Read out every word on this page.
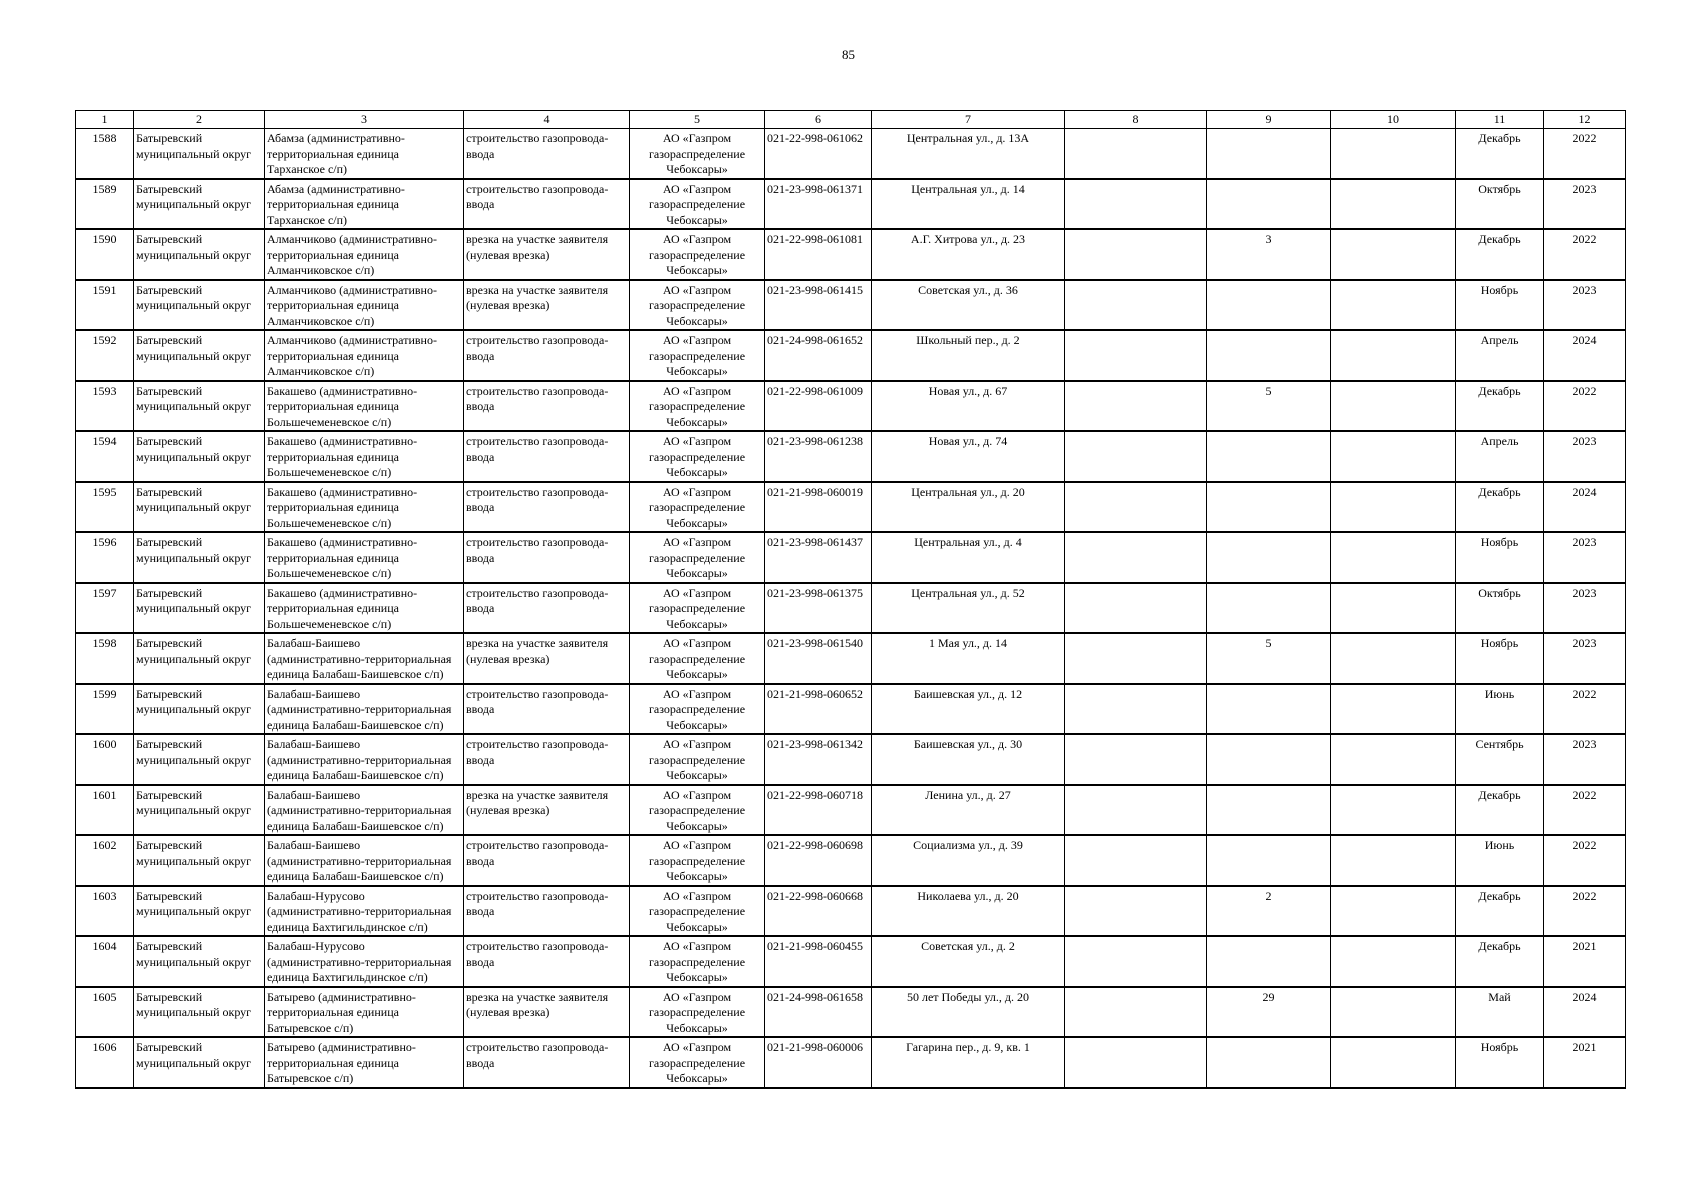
85
1	2	3	4	5	6	7	8	9	10	11	12
1588	Батыревский
муниципальный округ	Абамза (административно-
территориальная единица
Тарханское с/п)	строительство газопровода-
ввода	АО «Газпром
газораспределение
Чебоксары»	021-22-998-061062	Центральная ул., д. 13А				Декабрь	2022
1589	Батыревский
муниципальный округ	Абамза (административно-
территориальная единица
Тарханское с/п)	строительство газопровода-
ввода	АО «Газпром
газораспределение
Чебоксары»	021-23-998-061371	Центральная ул., д. 14				Октябрь	2023
1590	Батыревский
муниципальный округ	Алманчиково (административно-
территориальная единица
Алманчиковское с/п)	врезка на участке заявителя
(нулевая врезка)	АО «Газпром
газораспределение
Чебоксары»	021-22-998-061081	А.Г. Хитрова ул., д. 23		3		Декабрь	2022
1591	Батыревский
муниципальный округ	Алманчиково (административно-
территориальная единица
Алманчиковское с/п)	врезка на участке заявителя
(нулевая врезка)	АО «Газпром
газораспределение
Чебоксары»	021-23-998-061415	Советская ул., д. 36				Ноябрь	2023
1592	Батыревский
муниципальный округ	Алманчиково (административно-
территориальная единица
Алманчиковское с/п)	строительство газопровода-
ввода	АО «Газпром
газораспределение
Чебоксары»	021-24-998-061652	Школьный пер., д. 2				Апрель	2024
1593	Батыревский
муниципальный округ	Бакашево (административно-
территориальная единица
Большечеменевское с/п)	строительство газопровода-
ввода	АО «Газпром
газораспределение
Чебоксары»	021-22-998-061009	Новая ул., д. 67		5		Декабрь	2022
1594	Батыревский
муниципальный округ	Бакашево (административно-
территориальная единица
Большечеменевское с/п)	строительство газопровода-
ввода	АО «Газпром
газораспределение
Чебоксары»	021-23-998-061238	Новая ул., д. 74				Апрель	2023
1595	Батыревский
муниципальный округ	Бакашево (административно-
территориальная единица
Большечеменевское с/п)	строительство газопровода-
ввода	АО «Газпром
газораспределение
Чебоксары»	021-21-998-060019	Центральная ул., д. 20				Декабрь	2024
1596	Батыревский
муниципальный округ	Бакашево (административно-
территориальная единица
Большечеменевское с/п)	строительство газопровода-
ввода	АО «Газпром
газораспределение
Чебоксары»	021-23-998-061437	Центральная ул., д. 4				Ноябрь	2023
1597	Батыревский
муниципальный округ	Бакашево (административно-
территориальная единица
Большечеменевское с/п)	строительство газопровода-
ввода	АО «Газпром
газораспределение
Чебоксары»	021-23-998-061375	Центральная ул., д. 52				Октябрь	2023
1598	Батыревский
муниципальный округ	Балабаш-Баишево
(административно-территориальная
единица Балабаш-Баишевское с/п)	врезка на участке заявителя
(нулевая врезка)	АО «Газпром
газораспределение
Чебоксары»	021-23-998-061540	1 Мая ул., д. 14		5		Ноябрь	2023
1599	Батыревский
муниципальный округ	Балабаш-Баишево
(административно-территориальная
единица Балабаш-Баишевское с/п)	строительство газопровода-
ввода	АО «Газпром
газораспределение
Чебоксары»	021-21-998-060652	Баишевская ул., д. 12				Июнь	2022
1600	Батыревский
муниципальный округ	Балабаш-Баишево
(административно-территориальная
единица Балабаш-Баишевское с/п)	строительство газопровода-
ввода	АО «Газпром
газораспределение
Чебоксары»	021-23-998-061342	Баишевская ул., д. 30				Сентябрь	2023
1601	Батыревский
муниципальный округ	Балабаш-Баишево
(административно-территориальная
единица Балабаш-Баишевское с/п)	врезка на участке заявителя
(нулевая врезка)	АО «Газпром
газораспределение
Чебоксары»	021-22-998-060718	Ленина ул., д. 27				Декабрь	2022
1602	Батыревский
муниципальный округ	Балабаш-Баишево
(административно-территориальная
единица Балабаш-Баишевское с/п)	строительство газопровода-
ввода	АО «Газпром
газораспределение
Чебоксары»	021-22-998-060698	Социализма ул., д. 39				Июнь	2022
1603	Батыревский
муниципальный округ	Балабаш-Нурусово
(административно-территориальная
единица Бахтигильдинское с/п)	строительство газопровода-
ввода	АО «Газпром
газораспределение
Чебоксары»	021-22-998-060668	Николаева ул., д. 20		2		Декабрь	2022
1604	Батыревский
муниципальный округ	Балабаш-Нурусово
(административно-территориальная
единица Бахтигильдинское с/п)	строительство газопровода-
ввода	АО «Газпром
газораспределение
Чебоксары»	021-21-998-060455	Советская ул., д. 2				Декабрь	2021
1605	Батыревский
муниципальный округ	Батырево (административно-
территориальная единица
Батыревское с/п)	врезка на участке заявителя
(нулевая врезка)	АО «Газпром
газораспределение
Чебоксары»	021-24-998-061658	50 лет Победы ул., д. 20		29		Май	2024
1606	Батыревский
муниципальный округ	Батырево (административно-
территориальная единица
Батыревское с/п)	строительство газопровода-
ввода	АО «Газпром
газораспределение
Чебоксары»	021-21-998-060006	Гагарина пер., д. 9, кв. 1				Ноябрь	2021
